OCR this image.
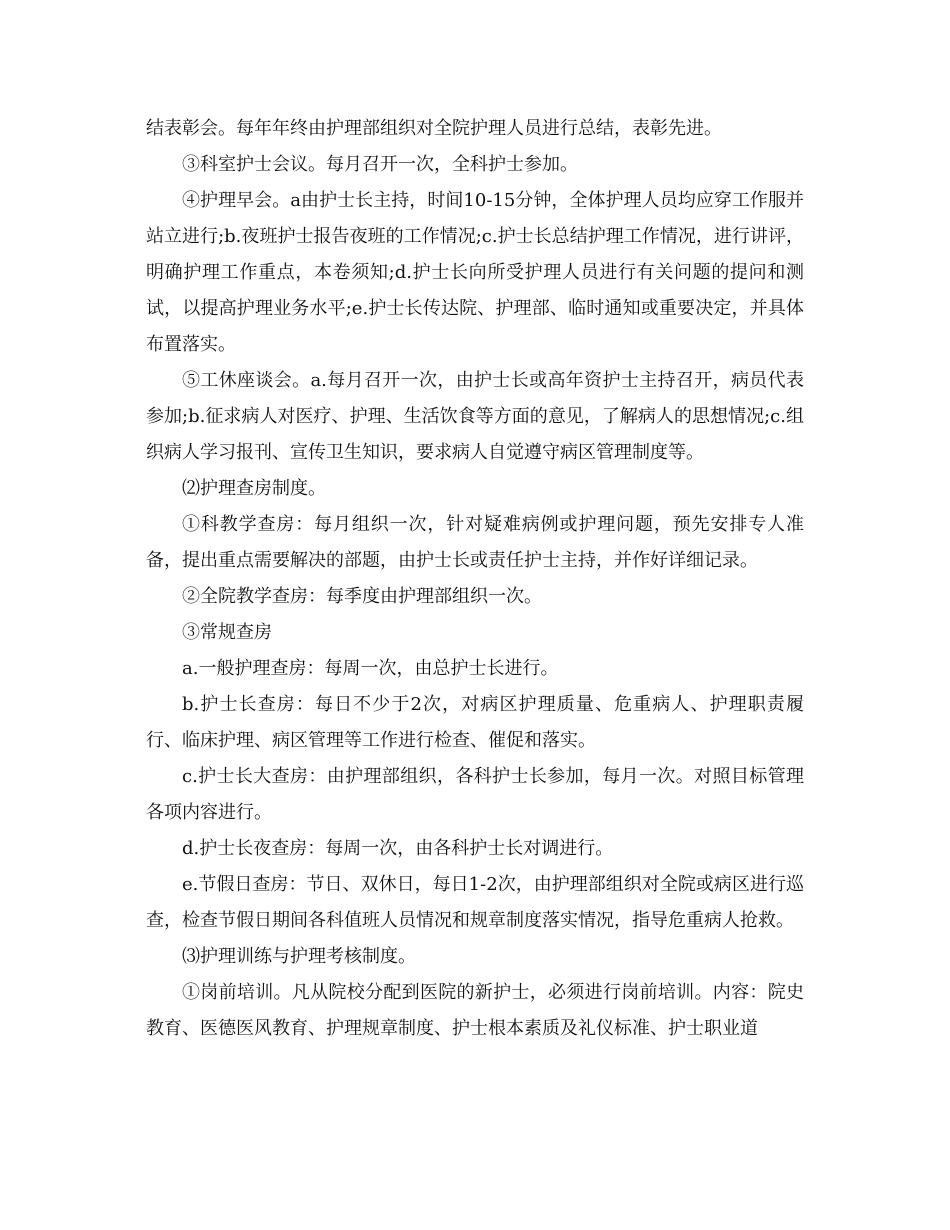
结表彰会。每年年终由护理部组织对全院护理人员进行总结，表彰先进。

③科室护士会议。每月召开一次，全科护士参加。

④护理早会。a由护士长主持，时间10-15分钟，全体护理人员均应穿工作服并站立进行;b.夜班护士报告夜班的工作情况;c.护士长总结护理工作情况，进行讲评，明确护理工作重点，本卷须知;d.护士长向所受护理人员进行有关问题的提问和测试，以提高护理业务水平;e.护士长传达院、护理部、临时通知或重要决定，并具体布置落实。

⑤工休座谈会。a.每月召开一次，由护士长或高年资护士主持召开，病员代表参加;b.征求病人对医疗、护理、生活饮食等方面的意见，了解病人的思想情况;c.组织病人学习报刊、宣传卫生知识，要求病人自觉遵守病区管理制度等。

⑵护理查房制度。

①科教学查房：每月组织一次，针对疑难病例或护理问题，预先安排专人准备，提出重点需要解决的部题，由护士长或责任护士主持，并作好详细记录。

②全院教学查房：每季度由护理部组织一次。

③常规查房

a.一般护理查房：每周一次，由总护士长进行。

b.护士长查房：每日不少于2次，对病区护理质量、危重病人、护理职责履行、临床护理、病区管理等工作进行检查、催促和落实。

c.护士长大查房：由护理部组织，各科护士长参加，每月一次。对照目标管理各项内容进行。

d.护士长夜查房：每周一次，由各科护士长对调进行。

e.节假日查房：节日、双休日，每日1-2次，由护理部组织对全院或病区进行巡查，检查节假日期间各科值班人员情况和规章制度落实情况，指导危重病人抢救。

⑶护理训练与护理考核制度。

①岗前培训。凡从院校分配到医院的新护士，必须进行岗前培训。内容：院史教育、医德医风教育、护理规章制度、护士根本素质及礼仪标准、护士职业道
